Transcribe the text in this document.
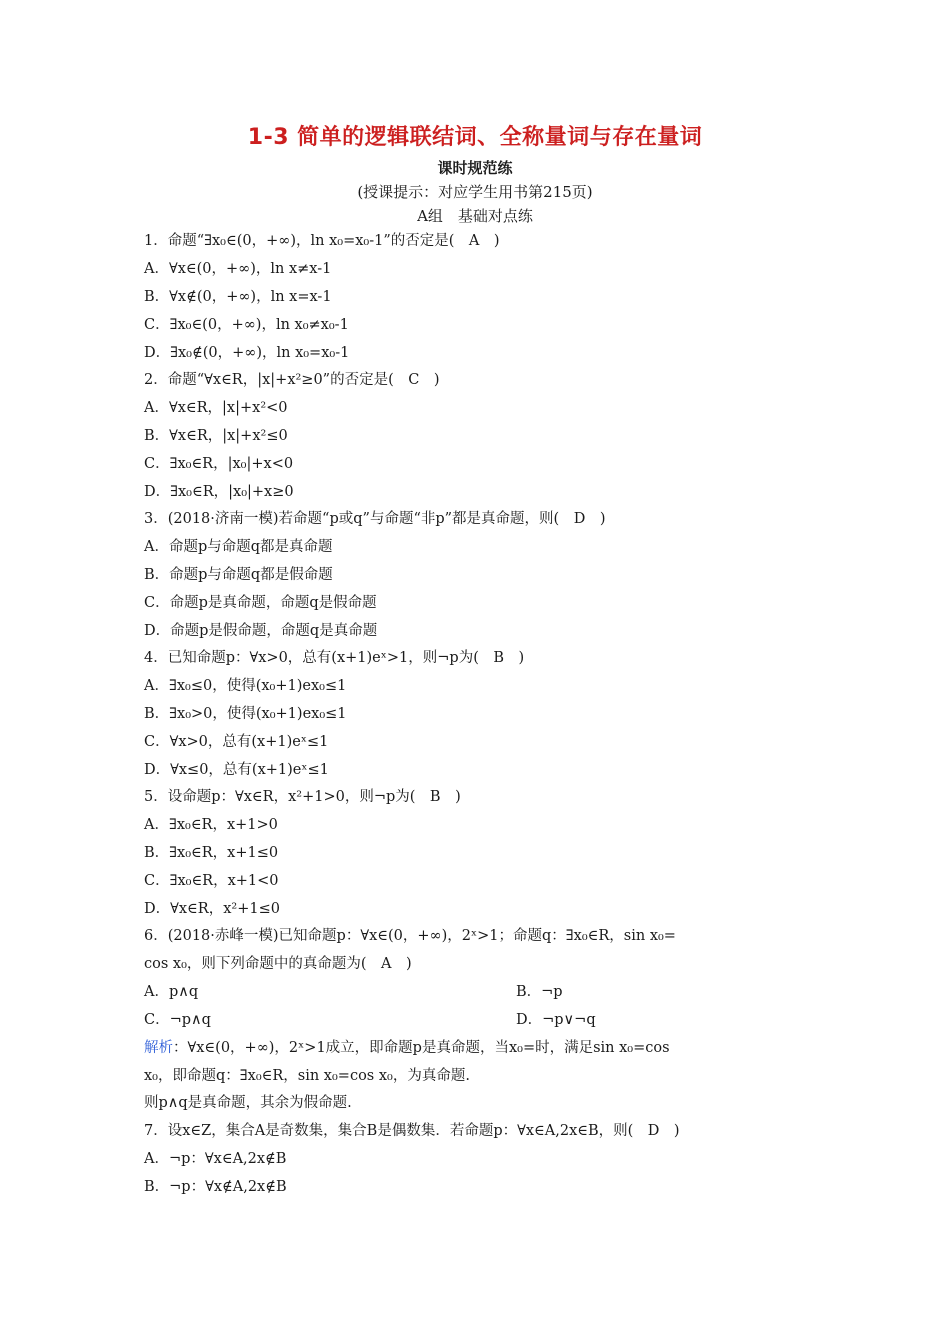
1-3 简单的逻辑联结词、全称量词与存在量词
课时规范练
(授课提示：对应学生用书第215页)
A组　基础对点练
1．命题“∃x₀∈(0，+∞)，ln x₀=x₀-1”的否定是(　A　)
A．∀x∈(0，+∞)，ln x≠x-1
B．∀x∉(0，+∞)，ln x=x-1
C．∃x₀∈(0，+∞)，ln x₀≠x₀-1
D．∃x₀∉(0，+∞)，ln x₀=x₀-1
2．命题“∀x∈R，|x|+x²≥0”的否定是(　C　)
A．∀x∈R，|x|+x²<0
B．∀x∈R，|x|+x²≤0
C．∃x₀∈R，|x₀|+x<0
D．∃x₀∈R，|x₀|+x≥0
3．(2018·济南一模)若命题“p或q”与命题“非p”都是真命题，则(　D　)
A．命题p与命题q都是真命题
B．命题p与命题q都是假命题
C．命题p是真命题，命题q是假命题
D．命题p是假命题，命题q是真命题
4．已知命题p：∀x>0，总有(x+1)eˣ>1，则¬p为(　B　)
A．∃x₀≤0，使得(x₀+1)ex₀≤1
B．∃x₀>0，使得(x₀+1)ex₀≤1
C．∀x>0，总有(x+1)eˣ≤1
D．∀x≤0，总有(x+1)eˣ≤1
5．设命题p：∀x∈R，x²+1>0，则¬p为(　B　)
A．∃x₀∈R，x+1>0
B．∃x₀∈R，x+1≤0
C．∃x₀∈R，x+1<0
D．∀x∈R，x²+1≤0
6．(2018·赤峰一模)已知命题p：∀x∈(0，+∞)，2ˣ>1；命题q：∃x₀∈R，sin x₀=
cos x₀，则下列命题中的真命题为(　A　)
A．p∧q	B．¬p
C．¬p∧q	D．¬p∨¬q
解析：∀x∈(0，+∞)，2ˣ>1成立，即命题p是真命题，当x₀=时，满足sin x₀=cos
x₀，即命题q：∃x₀∈R，sin x₀=cos x₀，为真命题.
则p∧q是真命题，其余为假命题.
7．设x∈Z，集合A是奇数集，集合B是偶数集．若命题p：∀x∈A,2x∈B，则(　D　)
A．¬p：∀x∈A,2x∉B
B．¬p：∀x∉A,2x∉B
